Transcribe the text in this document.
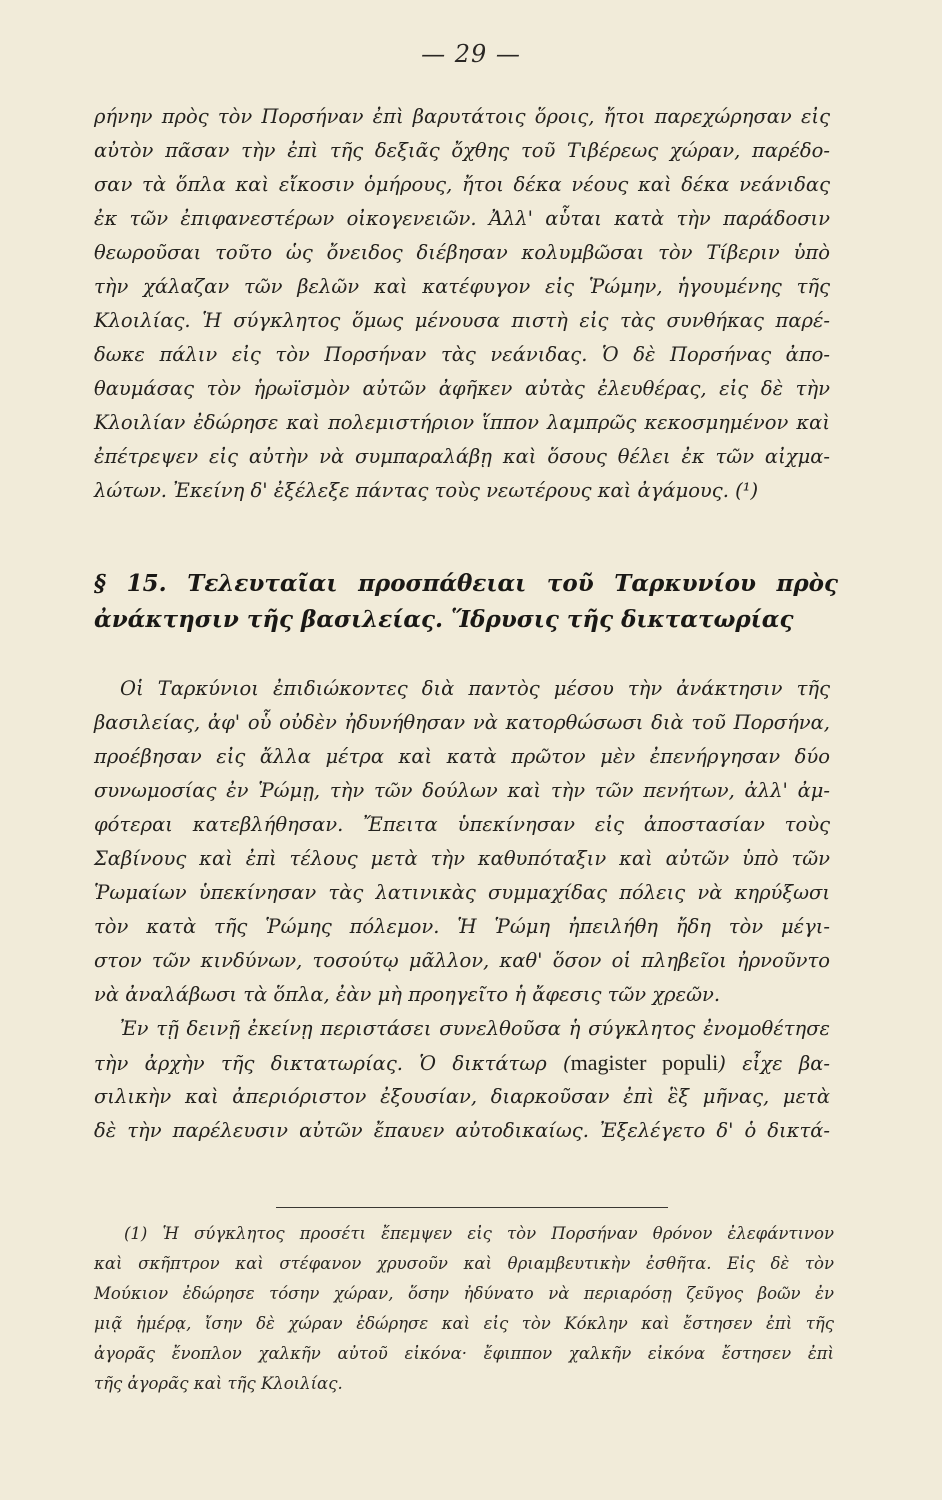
— 29 —
ρήνην πρὸς τὸν Πορσήναν ἐπὶ βαρυτάτοις ὅροις, ἤτοι παρεχώρησαν εἰς
αὐτὸν πᾶσαν τὴν ἐπὶ τῆς δεξιᾶς ὄχθης τοῦ Τιβέρεως χώραν, παρέδο-
σαν τὰ ὅπλα καὶ εἴκοσιν ὁμήρους, ἤτοι δέκα νέους καὶ δέκα νεάνιδας
ἐκ τῶν ἐπιφανεστέρων οἰκογενειῶν. Ἀλλ' αὗται κατὰ τὴν παράδοσιν
θεωροῦσαι τοῦτο ὡς ὄνειδος διέβησαν κολυμβῶσαι τὸν Τίβεριν ὑπὸ
τὴν χάλαζαν τῶν βελῶν καὶ κατέφυγον εἰς Ῥώμην, ἡγουμένης τῆς
Κλοιλίας. Ἡ σύγκλητος ὅμως μένουσα πιστὴ εἰς τὰς συνθήκας παρέ-
δωκε πάλιν εἰς τὸν Πορσήναν τὰς νεάνιδας. Ὁ δὲ Πορσήνας ἀπο-
θαυμάσας τὸν ἡρωϊσμὸν αὐτῶν ἀφῆκεν αὐτὰς ἐλευθέρας, εἰς δὲ τὴν
Κλοιλίαν ἐδώρησε καὶ πολεμιστήριον ἵππον λαμπρῶς κεκοσμημένον καὶ
ἐπέτρεψεν εἰς αὐτὴν νὰ συμπαραλάβῃ καὶ ὅσους θέλει ἐκ τῶν αἰχμα-
λώτων. Ἐκείνη δ' ἐξέλεξε πάντας τοὺς νεωτέρους καὶ ἀγάμους. (¹)
§ 15. Τελευταῖαι προσπάθειαι τοῦ Ταρκυνίου πρὸς
ἀνάκτησιν τῆς βασιλείας. Ἵδρυσις τῆς δικτατωρίας
Οἱ Ταρκύνιοι ἐπιδιώκοντες διὰ παντὸς μέσου τὴν ἀνάκτησιν τῆς
βασιλείας, ἀφ' οὗ οὐδὲν ἠδυνήθησαν νὰ κατορθώσωσι διὰ τοῦ Πορσήνα,
προέβησαν εἰς ἄλλα μέτρα καὶ κατὰ πρῶτον μὲν ἐπενήργησαν δύο
συνωμοσίας ἐν Ῥώμῃ, τὴν τῶν δούλων καὶ τὴν τῶν πενήτων, ἀλλ' ἀμ-
φότεραι κατεβλήθησαν. Ἔπειτα ὑπεκίνησαν εἰς ἀποστασίαν τοὺς
Σαβίνους καὶ ἐπὶ τέλους μετὰ τὴν καθυπόταξιν καὶ αὐτῶν ὑπὸ τῶν
Ῥωμαίων ὑπεκίνησαν τὰς λατινικὰς συμμαχίδας πόλεις νὰ κηρύξωσι
τὸν κατὰ τῆς Ῥώμης πόλεμον. Ἡ Ῥώμη ἠπειλήθη ἤδη τὸν μέγι-
στον τῶν κινδύνων, τοσούτῳ μᾶλλον, καθ' ὅσον οἱ πληβεῖοι ἠρνοῦντο
νὰ ἀναλάβωσι τὰ ὅπλα, ἐὰν μὴ προηγεῖτο ἡ ἄφεσις τῶν χρεῶν.
Ἐν τῇ δεινῇ ἐκείνῃ περιστάσει συνελθοῦσα ἡ σύγκλητος ἐνομοθέτησε
τὴν ἀρχὴν τῆς δικτατωρίας. Ὁ δικτάτωρ (magister populi) εἶχε βα-
σιλικὴν καὶ ἀπεριόριστον ἐξουσίαν, διαρκοῦσαν ἐπὶ ἓξ μῆνας, μετὰ
δὲ τὴν παρέλευσιν αὐτῶν ἔπαυεν αὐτοδικαίως. Ἐξελέγετο δ' ὁ δικτά-
(1) Ἡ σύγκλητος προσέτι ἔπεμψεν εἰς τὸν Πορσήναν θρόνον ἐλεφάντινον
καὶ σκῆπτρον καὶ στέφανον χρυσοῦν καὶ θριαμβευτικὴν ἐσθῆτα. Εἰς δὲ τὸν
Μούκιον ἐδώρησε τόσην χώραν, ὅσην ἠδύνατο νὰ περιαρόσῃ ζεῦγος βοῶν ἐν
μιᾷ ἡμέρᾳ, ἴσην δὲ χώραν ἐδώρησε καὶ εἰς τὸν Κόκλην καὶ ἔστησεν ἐπὶ τῆς
ἀγορᾶς ἔνοπλον χαλκῆν αὐτοῦ εἰκόνα· ἔφιππον χαλκῆν εἰκόνα ἔστησεν ἐπὶ
τῆς ἀγορᾶς καὶ τῆς Κλοιλίας.
